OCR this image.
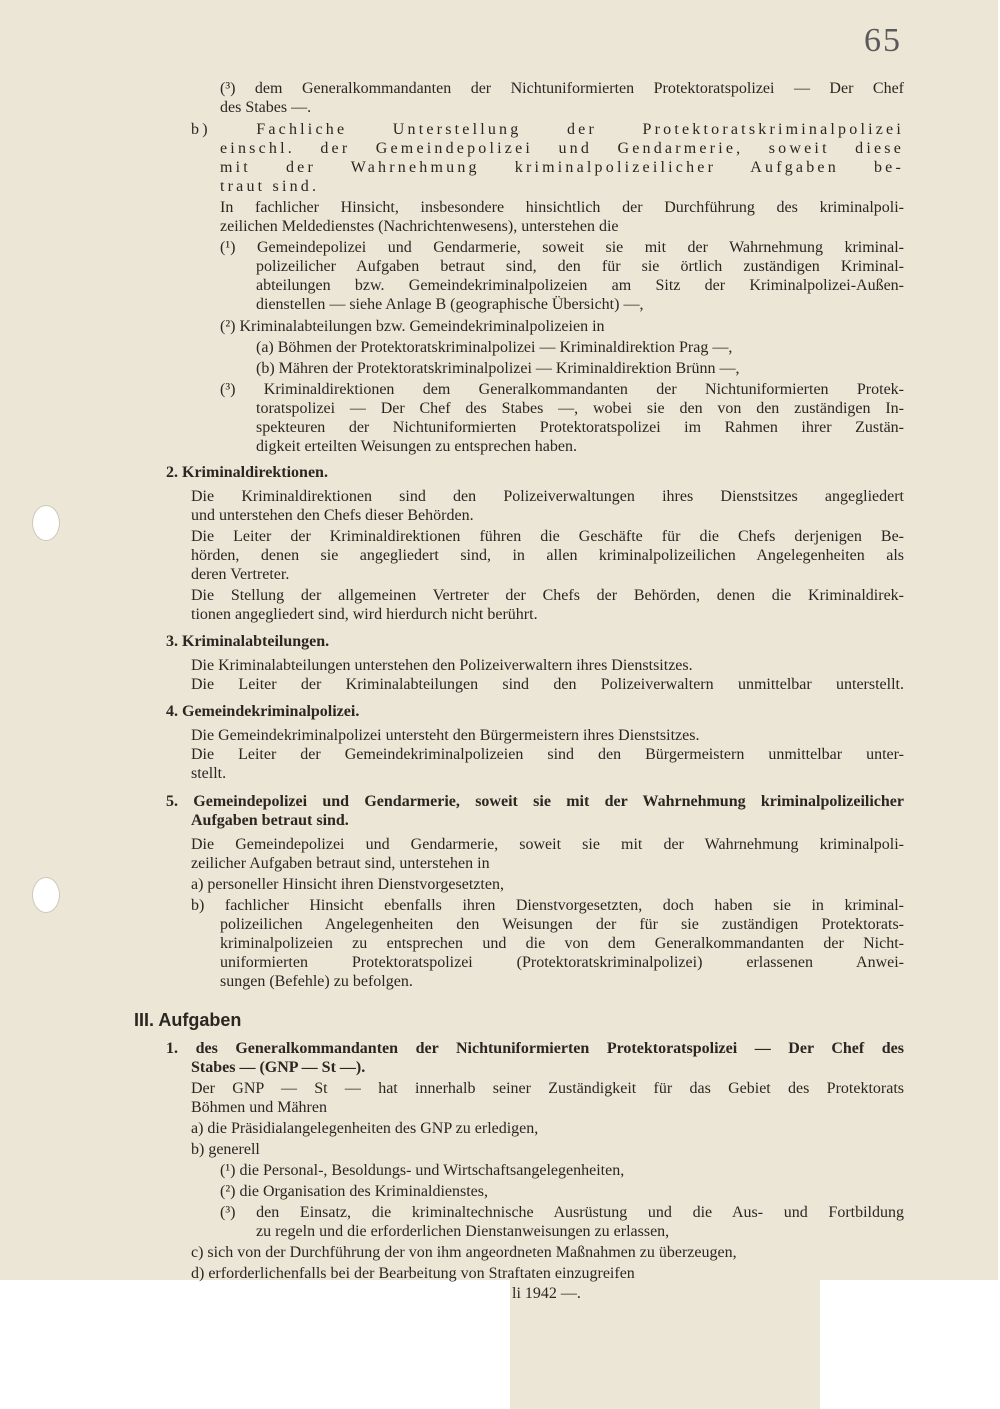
65
(³) dem Generalkommandanten der Nichtuniformierten Protektoratspolizei — Der Chef
des Stabes —.
b) Fachliche Unterstellung der Protektoratskriminalpolizei
einschl. der Gemeindepolizei und Gendarmerie, soweit diese
mit der Wahrnehmung kriminalpolizeilicher Aufgaben be-
traut sind.
In fachlicher Hinsicht, insbesondere hinsichtlich der Durchführung des kriminalpoli-
zeilichen Meldedienstes (Nachrichtenwesens), unterstehen die
(¹) Gemeindepolizei und Gendarmerie, soweit sie mit der Wahrnehmung kriminal-
polizeilicher Aufgaben betraut sind, den für sie örtlich zuständigen Kriminal-
abteilungen bzw. Gemeindekriminalpolizeien am Sitz der Kriminalpolizei-Außen-
dienstellen — siehe Anlage B (geographische Übersicht) —,
(²) Kriminalabteilungen bzw. Gemeindekriminalpolizeien in
(a) Böhmen der Protektoratskriminalpolizei — Kriminaldirektion Prag —,
(b) Mähren der Protektoratskriminalpolizei — Kriminaldirektion Brünn —,
(³) Kriminaldirektionen dem Generalkommandanten der Nichtuniformierten Protek-
toratspolizei — Der Chef des Stabes —, wobei sie den von den zuständigen In-
spekteuren der Nichtuniformierten Protektoratspolizei im Rahmen ihrer Zustän-
digkeit erteilten Weisungen zu entsprechen haben.
2. Kriminaldirektionen.
Die Kriminaldirektionen sind den Polizeiverwaltungen ihres Dienstsitzes angegliedert
und unterstehen den Chefs dieser Behörden.
Die Leiter der Kriminaldirektionen führen die Geschäfte für die Chefs derjenigen Be-
hörden, denen sie angegliedert sind, in allen kriminalpolizeilichen Angelegenheiten als
deren Vertreter.
Die Stellung der allgemeinen Vertreter der Chefs der Behörden, denen die Kriminaldirek-
tionen angegliedert sind, wird hierdurch nicht berührt.
3. Kriminalabteilungen.
Die Kriminalabteilungen unterstehen den Polizeiverwaltern ihres Dienstsitzes.
Die Leiter der Kriminalabteilungen sind den Polizeiverwaltern unmittelbar unterstellt.
4. Gemeindekriminalpolizei.
Die Gemeindekriminalpolizei untersteht den Bürgermeistern ihres Dienstsitzes.
Die Leiter der Gemeindekriminalpolizeien sind den Bürgermeistern unmittelbar unter-
stellt.
5. Gemeindepolizei und Gendarmerie, soweit sie mit der Wahrnehmung kriminalpolizeilicher
Aufgaben betraut sind.
Die Gemeindepolizei und Gendarmerie, soweit sie mit der Wahrnehmung kriminalpoli-
zeilicher Aufgaben betraut sind, unterstehen in
a) personeller Hinsicht ihren Dienstvorgesetzten,
b) fachlicher Hinsicht ebenfalls ihren Dienstvorgesetzten, doch haben sie in kriminal-
polizeilichen Angelegenheiten den Weisungen der für sie zuständigen Protektorats-
kriminalpolizeien zu entsprechen und die von dem Generalkommandanten der Nicht-
uniformierten Protektoratspolizei (Protektoratskriminalpolizei) erlassenen Anwei-
sungen (Befehle) zu befolgen.
1. des Generalkommandanten der Nichtuniformierten Protektoratspolizei — Der Chef des
Stabes — (GNP — St —).
Der GNP — St — hat innerhalb seiner Zuständigkeit für das Gebiet des Protektorats
Böhmen und Mähren
a) die Präsidialangelegenheiten des GNP zu erledigen,
b) generell
(¹) die Personal-, Besoldungs- und Wirtschaftsangelegenheiten,
(²) die Organisation des Kriminaldienstes,
(³) den Einsatz, die kriminaltechnische Ausrüstung und die Aus- und Fortbildung
zu regeln und die erforderlichen Dienstanweisungen zu erlassen,
c) sich von der Durchführung der von ihm angeordneten Maßnahmen zu überzeugen,
d) erforderlichenfalls bei der Bearbeitung von Straftaten einzugreifen
III. Aufgaben
li 1942 —.
